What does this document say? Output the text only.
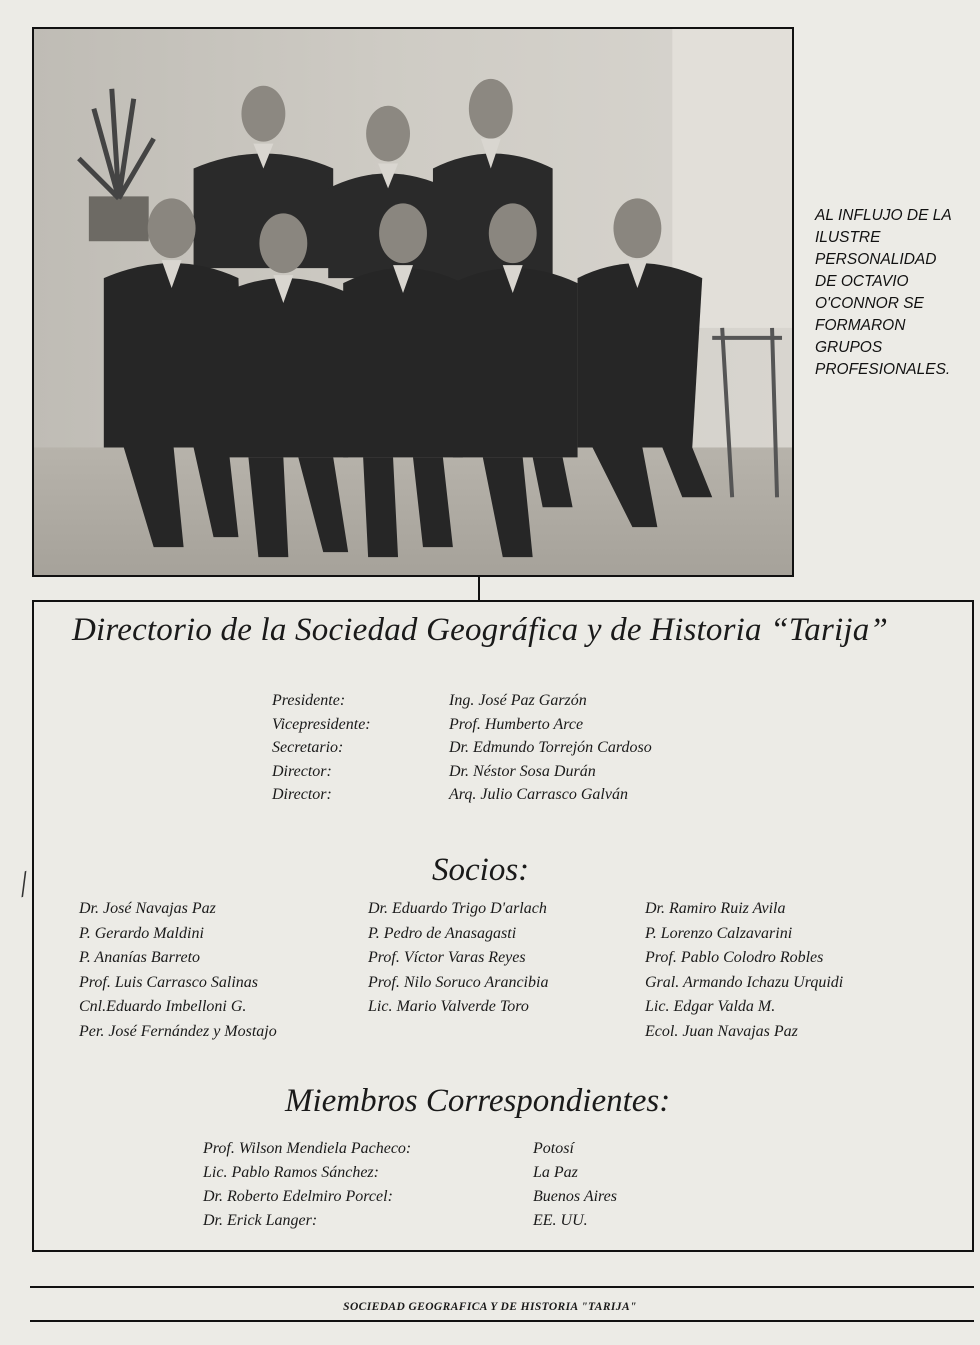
AL INFLUJO DE LA
ILUSTRE
PERSONALIDAD
DE OCTAVIO
O'CONNOR SE
FORMARON
GRUPOS
PROFESIONALES.
Directorio de la Sociedad Geográfica y de Historia “Tarija”
Presidente:	Ing. José Paz Garzón
Vicepresidente:	Prof. Humberto Arce
Secretario:	Dr. Edmundo Torrejón Cardoso
Director:	Dr. Néstor Sosa Durán
Director:	Arq. Julio Carrasco Galván
Socios:
Dr. José Navajas Paz
P. Gerardo Maldini
P. Ananías Barreto
Prof. Luis Carrasco Salinas
Cnl.Eduardo Imbelloni G.
Per. José Fernández y Mostajo
Dr. Eduardo Trigo D'arlach
P. Pedro de Anasagasti
Prof. Víctor Varas Reyes
Prof. Nilo Soruco Arancibia
Lic. Mario Valverde Toro
Dr. Ramiro Ruiz Avila
P. Lorenzo Calzavarini
Prof. Pablo Colodro Robles
Gral. Armando Ichazu Urquidi
Lic. Edgar Valda M.
Ecol. Juan Navajas Paz
Miembros Correspondientes:
Prof. Wilson Mendiela Pacheco:	Potosí
Lic. Pablo Ramos Sánchez:	La Paz
Dr. Roberto Edelmiro Porcel:	Buenos Aires
Dr. Erick Langer:	EE. UU.
SOCIEDAD GEOGRAFICA Y DE HISTORIA "TARIJA"
╱
